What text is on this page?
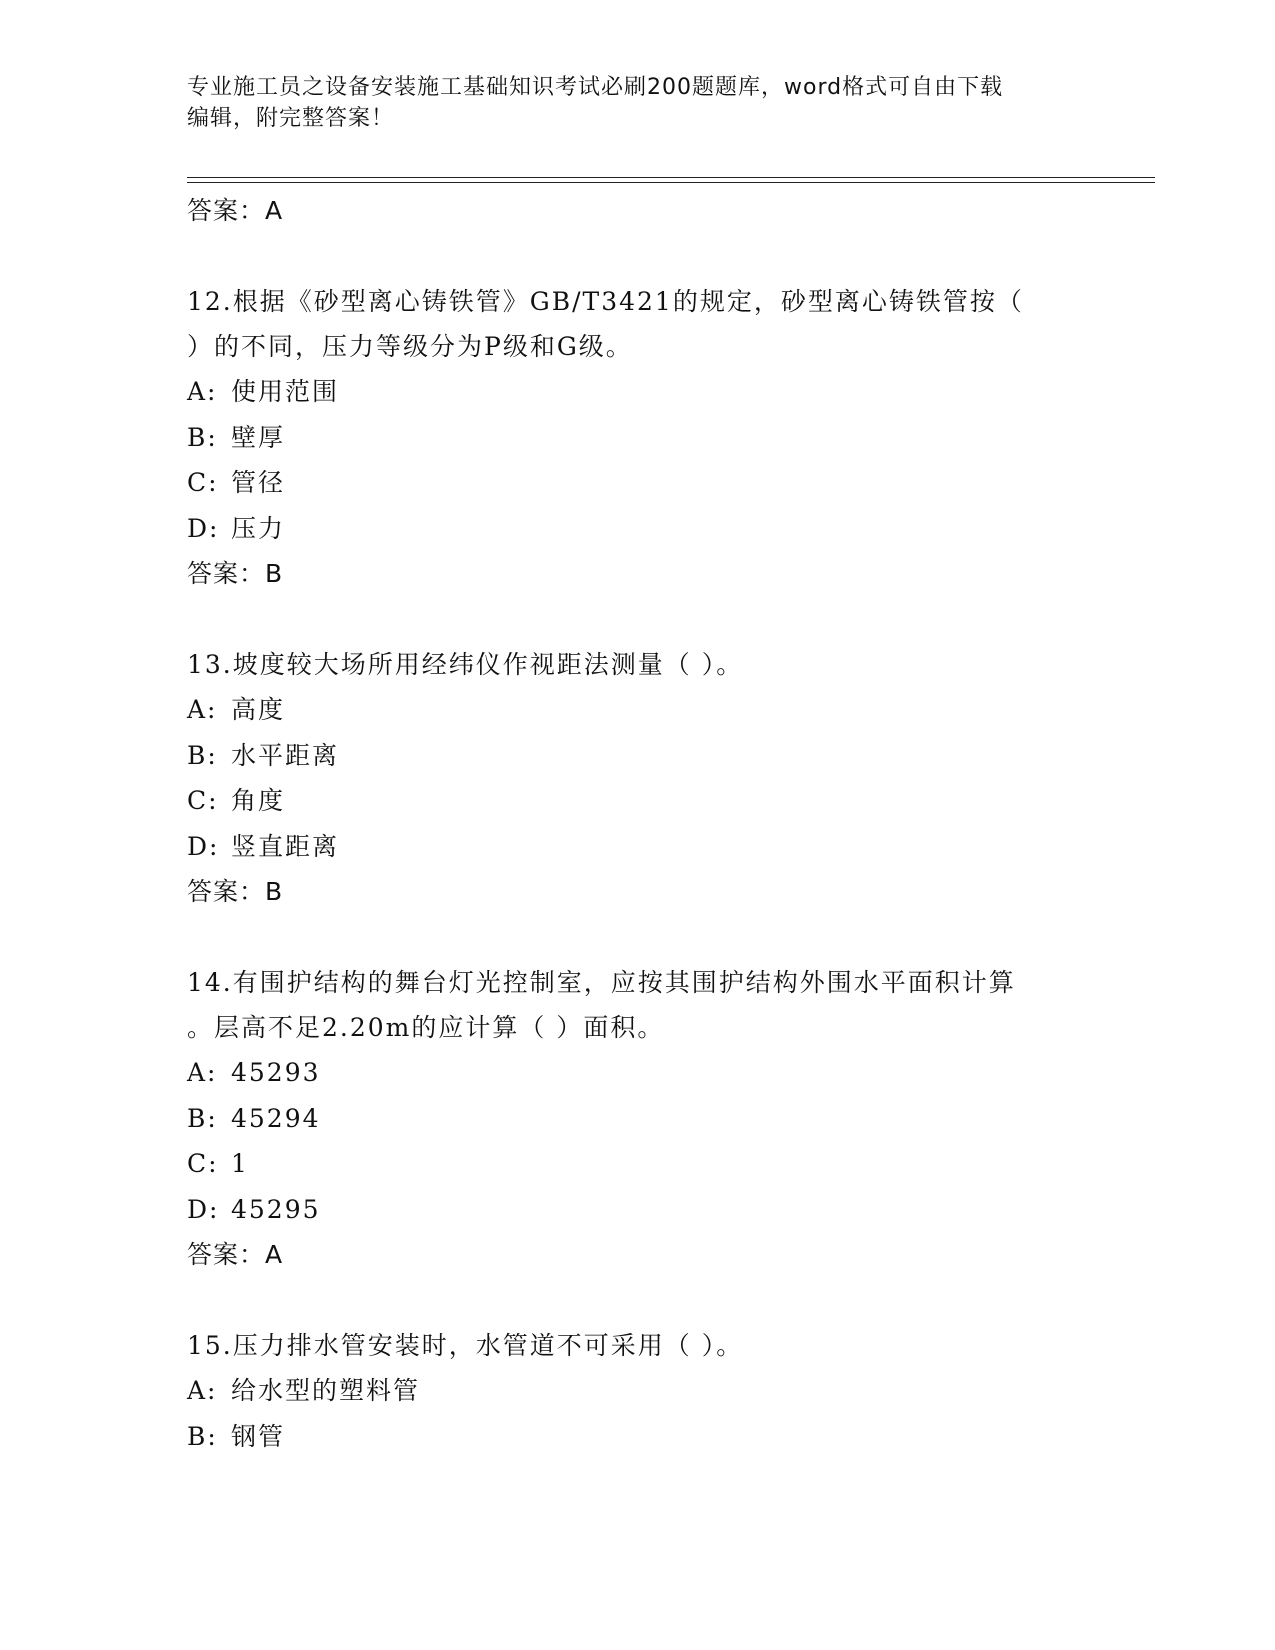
专业施工员之设备安装施工基础知识考试必刷200题题库，word格式可自由下载
编辑，附完整答案！
答案：A
12.根据《砂型离心铸铁管》GB/T3421的规定，砂型离心铸铁管按（
）的不同，压力等级分为P级和G级。
A: 使用范围
B: 壁厚
C: 管径
D: 压力
答案：B
13.坡度较大场所用经纬仪作视距法测量（ ）。
A: 高度
B: 水平距离
C: 角度
D: 竖直距离
答案：B
14.有围护结构的舞台灯光控制室，应按其围护结构外围水平面积计算
。层高不足2.20m的应计算（ ）面积。
A: 45293
B: 45294
C: 1
D: 45295
答案：A
15.压力排水管安装时，水管道不可采用（ ）。
A: 给水型的塑料管
B: 钢管
